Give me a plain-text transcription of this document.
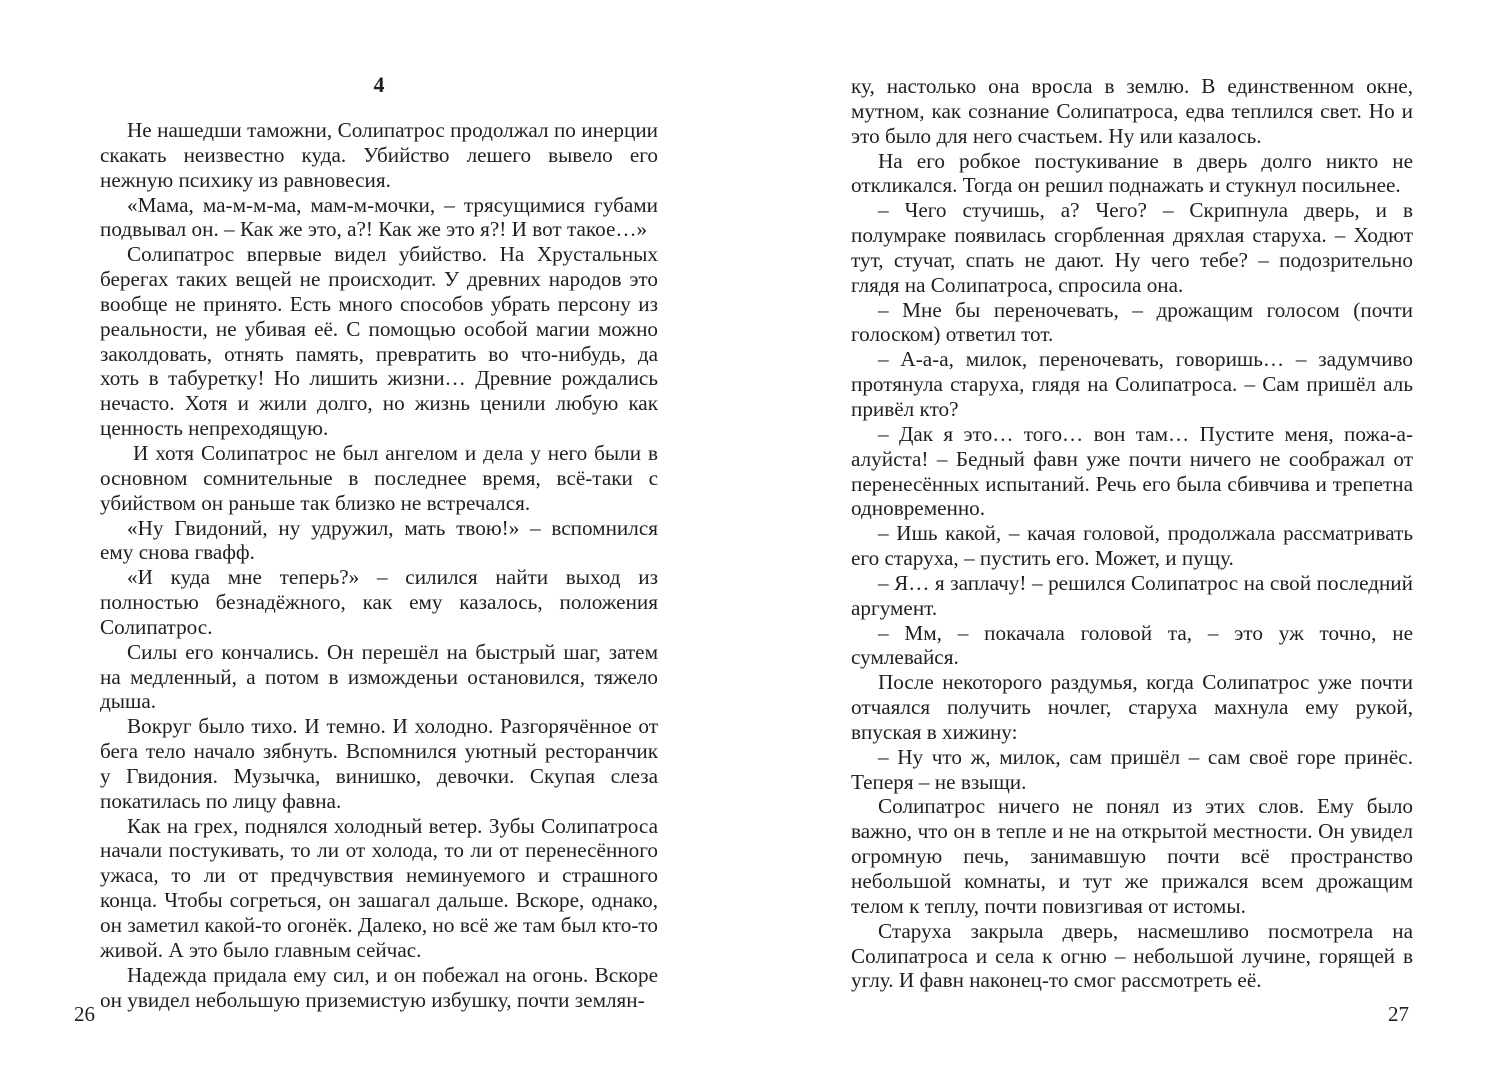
4

Не нашедши таможни, Солипатрос продолжал по инерции скакать неизвестно куда. Убийство лешего вывело его нежную психику из равновесия.

«Мама, ма-м-м-ма, мам-м-мочки, – трясущимися губами подвывал он. – Как же это, а?! Как же это я?! И вот такое…»

Солипатрос впервые видел убийство. На Хрустальных берегах таких вещей не происходит. У древних народов это вообще не принято. Есть много способов убрать персону из реальности, не убивая её. С помощью особой магии можно заколдовать, отнять память, превратить во что-нибудь, да хоть в табуретку! Но лишить жизни… Древние рождались нечасто. Хотя и жили долго, но жизнь ценили любую как ценность непреходящую.

И хотя Солипатрос не был ангелом и дела у него были в основном сомнительные в последнее время, всё-таки с убийством он раньше так близко не встречался.

«Ну Гвидоний, ну удружил, мать твою!» – вспомнился ему снова гвафф.

«И куда мне теперь?» – силился найти выход из полностью безнадёжного, как ему казалось, положения Солипатрос.

Силы его кончались. Он перешёл на быстрый шаг, затем на медленный, а потом в изможденьи остановился, тяжело дыша.

Вокруг было тихо. И темно. И холодно. Разгорячённое от бега тело начало зябнуть. Вспомнился уютный ресторанчик у Гвидония. Музычка, винишко, девочки. Скупая слеза покатилась по лицу фавна.

Как на грех, поднялся холодный ветер. Зубы Солипатроса начали постукивать, то ли от холода, то ли от перенесённого ужаса, то ли от предчувствия неминуемого и страшного конца. Чтобы согреться, он зашагал дальше. Вскоре, однако, он заметил какой-то огонёк. Далеко, но всё же там был кто-то живой. А это было главным сейчас.

Надежда придала ему сил, и он побежал на огонь. Вскоре он увидел небольшую приземистую избушку, почти землян-

26

ку, настолько она вросла в землю. В единственном окне, мутном, как сознание Солипатроса, едва теплился свет. Но и это было для него счастьем. Ну или казалось.

На его робкое постукивание в дверь долго никто не откликался. Тогда он решил поднажать и стукнул посильнее.

– Чего стучишь, а? Чего? – Скрипнула дверь, и в полумраке появилась сгорбленная дряхлая старуха. – Ходют тут, стучат, спать не дают. Ну чего тебе? – подозрительно глядя на Солипатроса, спросила она.

– Мне бы переночевать, – дрожащим голосом (почти голоском) ответил тот.

– А-а-а, милок, переночевать, говоришь… – задумчиво протянула старуха, глядя на Солипатроса. – Сам пришёл аль привёл кто?

– Дак я это… того… вон там… Пустите меня, пожа-а-алуйста! – Бедный фавн уже почти ничего не соображал от перенесённых испытаний. Речь его была сбивчива и трепетна одновременно.

– Ишь какой, – качая головой, продолжала рассматривать его старуха, – пустить его. Может, и пущу.

– Я… я заплачу! – решился Солипатрос на свой последний аргумент.

– Мм, – покачала головой та, – это уж точно, не сумлевайся.

После некоторого раздумья, когда Солипатрос уже почти отчаялся получить ночлег, старуха махнула ему рукой, впуская в хижину:

– Ну что ж, милок, сам пришёл – сам своё горе принёс. Теперя – не взыщи.

Солипатрос ничего не понял из этих слов. Ему было важно, что он в тепле и не на открытой местности. Он увидел огромную печь, занимавшую почти всё пространство небольшой комнаты, и тут же прижался всем дрожащим телом к теплу, почти повизгивая от истомы.

Старуха закрыла дверь, насмешливо посмотрела на Солипатроса и села к огню – небольшой лучине, горящей в углу. И фавн наконец-то смог рассмотреть её.

27
